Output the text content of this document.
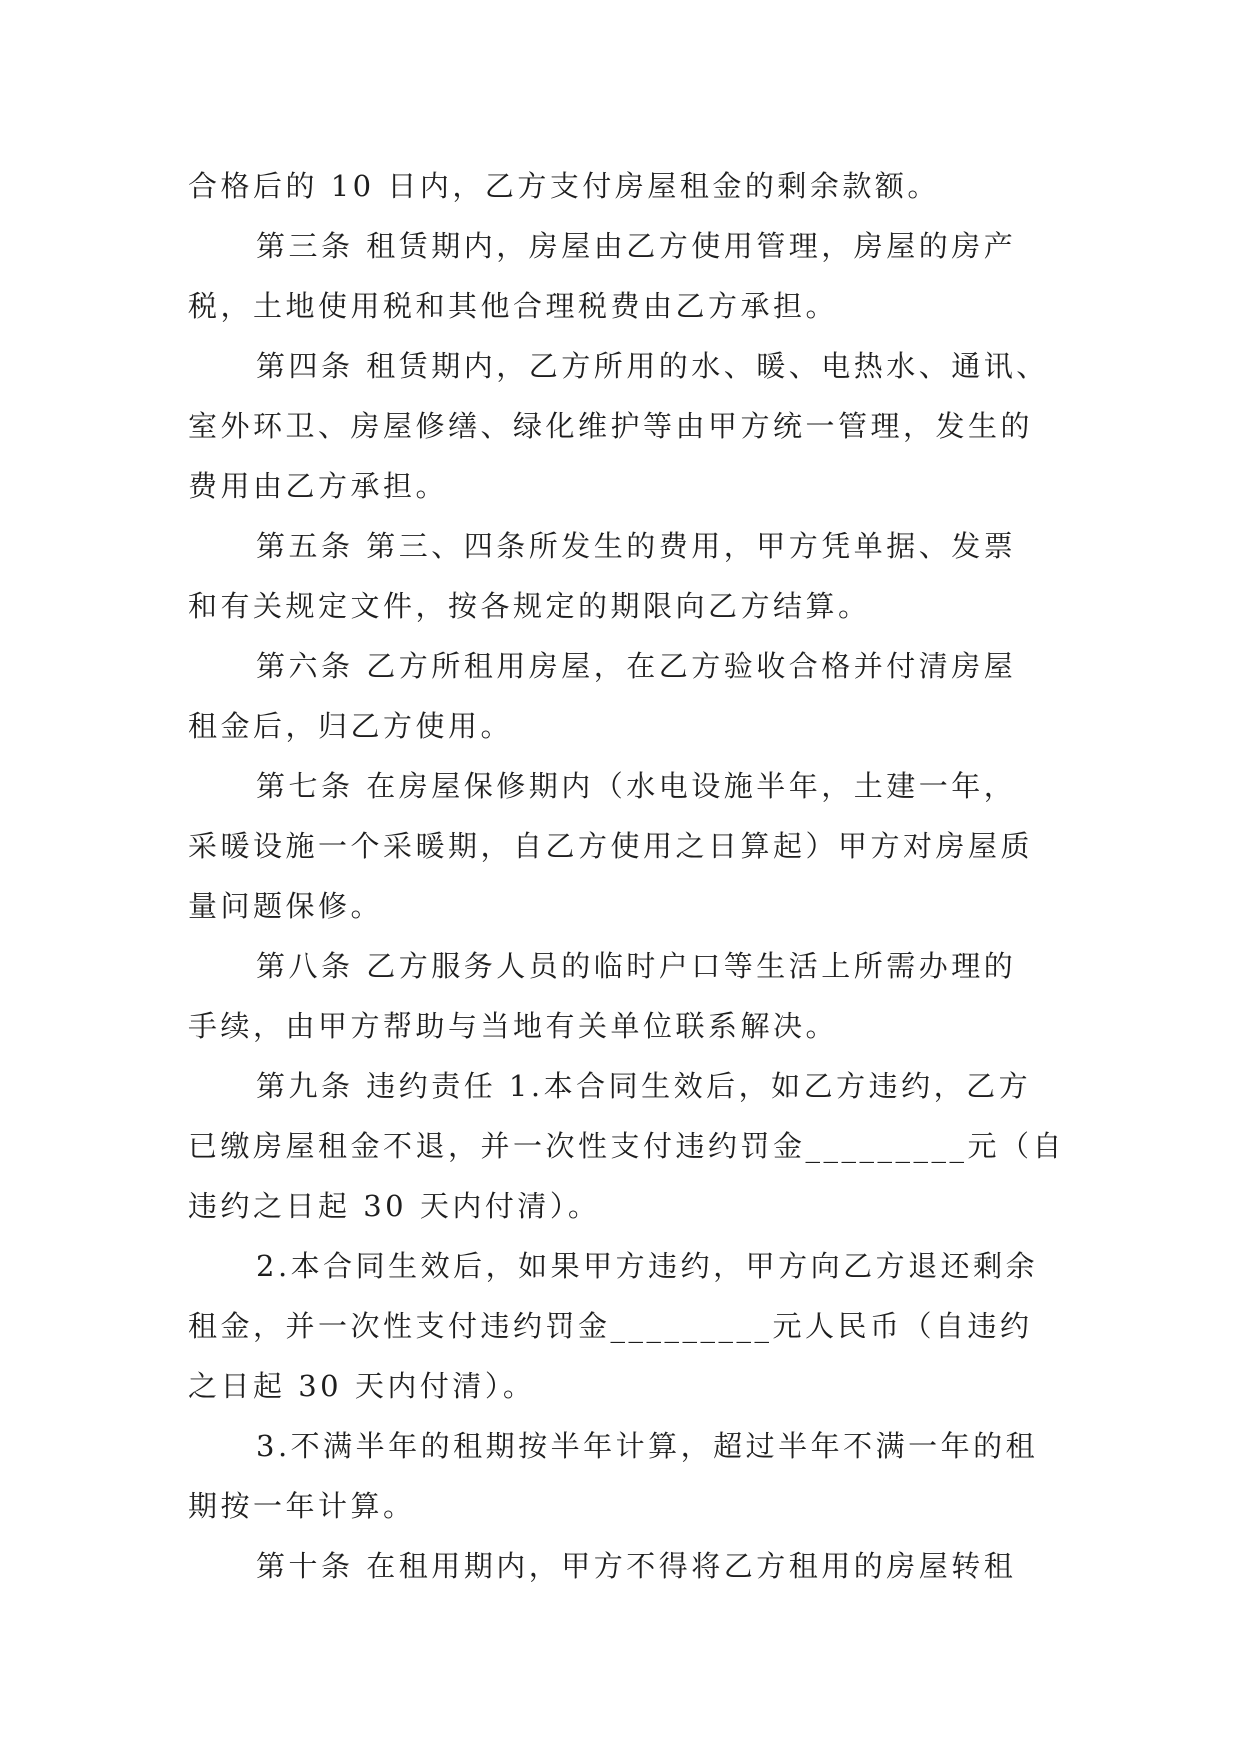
合格后的 10 日内，乙方支付房屋租金的剩余款额。
第三条 租赁期内，房屋由乙方使用管理，房屋的房产
税，土地使用税和其他合理税费由乙方承担。
第四条 租赁期内，乙方所用的水、暖、电热水、通讯、
室外环卫、房屋修缮、绿化维护等由甲方统一管理，发生的
费用由乙方承担。
第五条 第三、四条所发生的费用，甲方凭单据、发票
和有关规定文件，按各规定的期限向乙方结算。
第六条 乙方所租用房屋，在乙方验收合格并付清房屋
租金后，归乙方使用。
第七条 在房屋保修期内（水电设施半年，土建一年，
采暖设施一个采暖期，自乙方使用之日算起）甲方对房屋质
量问题保修。
第八条 乙方服务人员的临时户口等生活上所需办理的
手续，由甲方帮助与当地有关单位联系解决。
第九条 违约责任 1.本合同生效后，如乙方违约，乙方
已缴房屋租金不退，并一次性支付违约罚金_________元（自
违约之日起 30 天内付清）。
2.本合同生效后，如果甲方违约，甲方向乙方退还剩余
租金，并一次性支付违约罚金_________元人民币（自违约
之日起 30 天内付清）。
3.不满半年的租期按半年计算，超过半年不满一年的租
期按一年计算。
第十条 在租用期内，甲方不得将乙方租用的房屋转租
